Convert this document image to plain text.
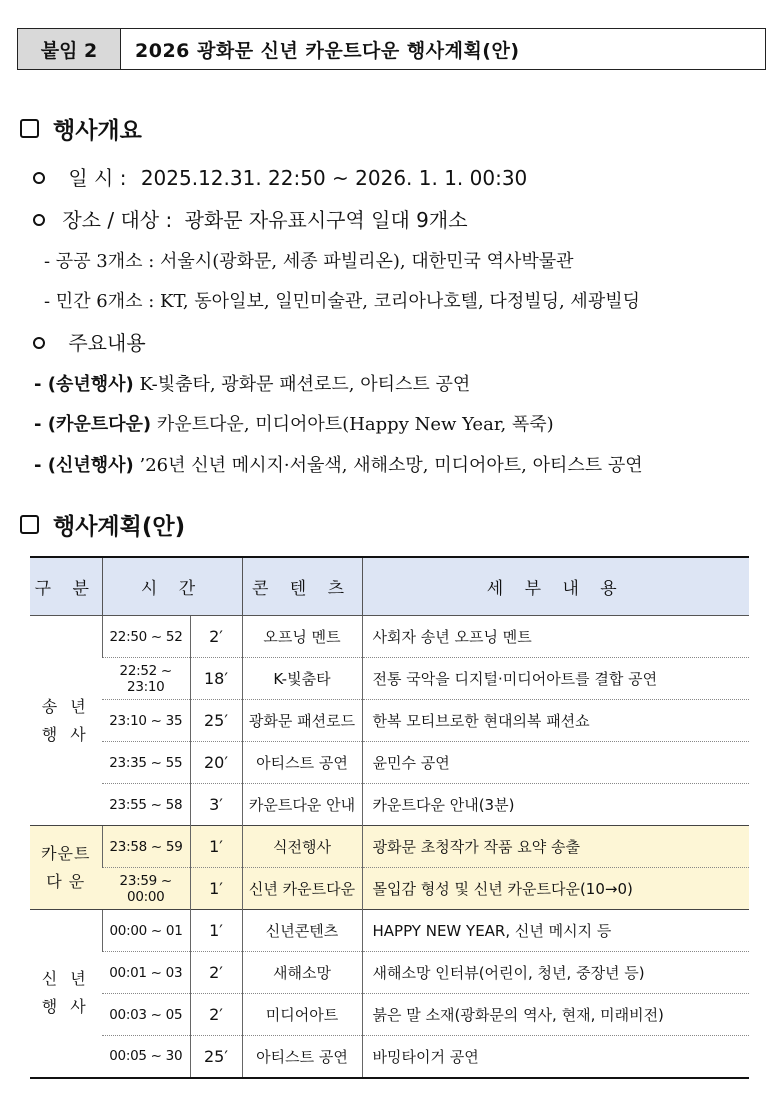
붙임 2	2026 광화문 신년 카운트다운 행사계획(안)
행사개요
일 시 : 2025.12.31. 22:50 ~ 2026. 1. 1. 00:30
장소 / 대상 : 광화문 자유표시구역 일대 9개소
- 공공 3개소 : 서울시(광화문, 세종 파빌리온), 대한민국 역사박물관
- 민간 6개소 : KT, 동아일보, 일민미술관, 코리아나호텔, 다정빌딩, 세광빌딩
주요내용
- (송년행사) K-빛춤타, 광화문 패션로드, 아티스트 공연
- (카운트다운) 카운트다운, 미디어아트(Happy New Year, 폭죽)
- (신년행사) ’26년 신년 메시지·서울색, 새해소망, 미디어아트, 아티스트 공연
행사계획(안)
구 분	시 간		콘 텐 츠	세 부 내 용
송 년
행 사	22:50 ~ 52	2′	오프닝 멘트	사회자 송년 오프닝 멘트
	22:52 ~ 23:10	18′	K-빛춤타	전통 국악을 디지털·미디어아트를 결합 공연
	23:10 ~ 35	25′	광화문 패션로드	한복 모티브로한 현대의복 패션쇼
	23:35 ~ 55	20′	아티스트 공연	윤민수 공연
	23:55 ~ 58	3′	카운트다운 안내	카운트다운 안내(3분)
카운트
다 운	23:58 ~ 59	1′	식전행사	광화문 초청작가 작품 요약 송출
	23:59 ~ 00:00	1′	신년 카운트다운	몰입감 형성 및 신년 카운트다운(10→0)
신 년
행 사	00:00 ~ 01	1′	신년콘텐츠	HAPPY NEW YEAR, 신년 메시지 등
	00:01 ~ 03	2′	새해소망	새해소망 인터뷰(어린이, 청년, 중장년 등)
	00:03 ~ 05	2′	미디어아트	붉은 말 소재(광화문의 역사, 현재, 미래비전)
	00:05 ~ 30	25′	아티스트 공연	바밍타이거 공연
